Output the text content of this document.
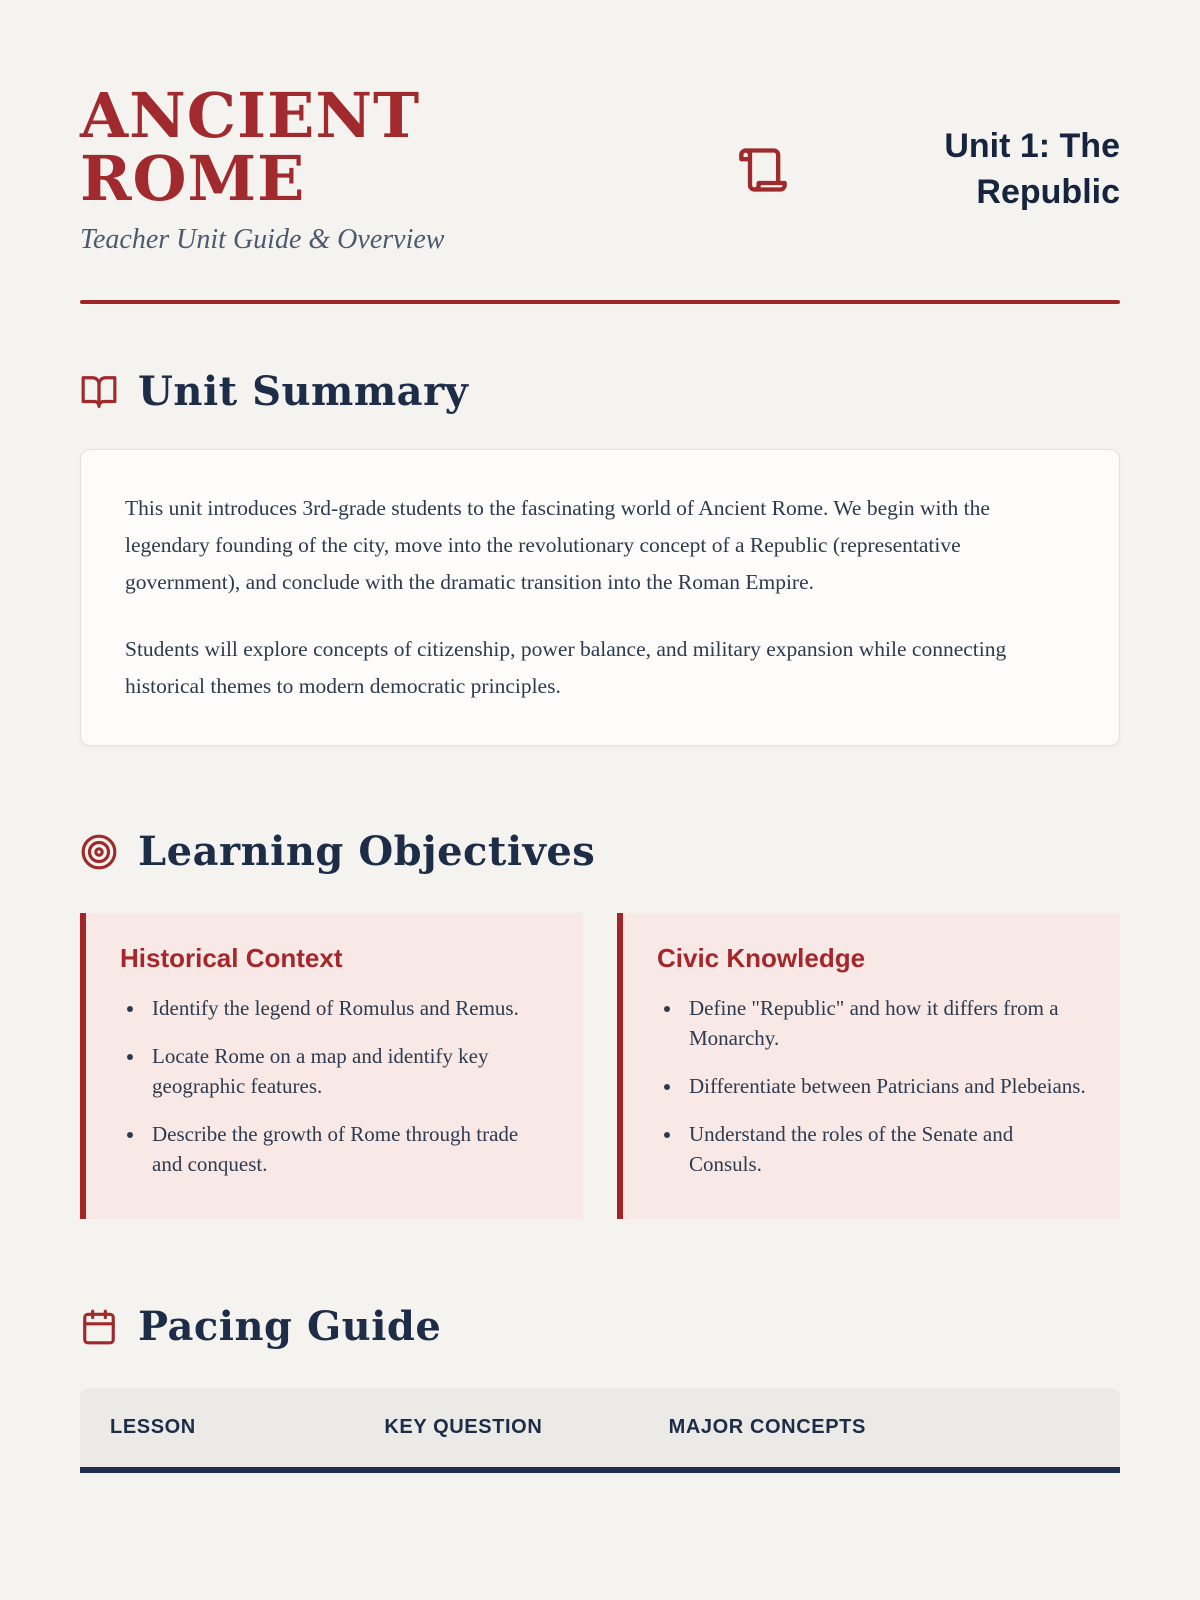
ANCIENT ROME
Teacher Unit Guide & Overview
Unit 1: The Republic
Unit Summary

This unit introduces 3rd-grade students to the fascinating world of Ancient Rome. We begin with the legendary founding of the city, move into the revolutionary concept of a Republic (representative government), and conclude with the dramatic transition into the Roman Empire.

Students will explore concepts of citizenship, power balance, and military expansion while connecting historical themes to modern democratic principles.

Learning Objectives
Historical Context
• Identify the legend of Romulus and Remus.
• Locate Rome on a map and identify key geographic features.
• Describe the growth of Rome through trade and conquest.
Civic Knowledge
• Define "Republic" and how it differs from a Monarchy.
• Differentiate between Patricians and Plebeians.
• Understand the roles of the Senate and Consuls.
Pacing Guide
LESSON	KEY QUESTION	MAJOR CONCEPTS
